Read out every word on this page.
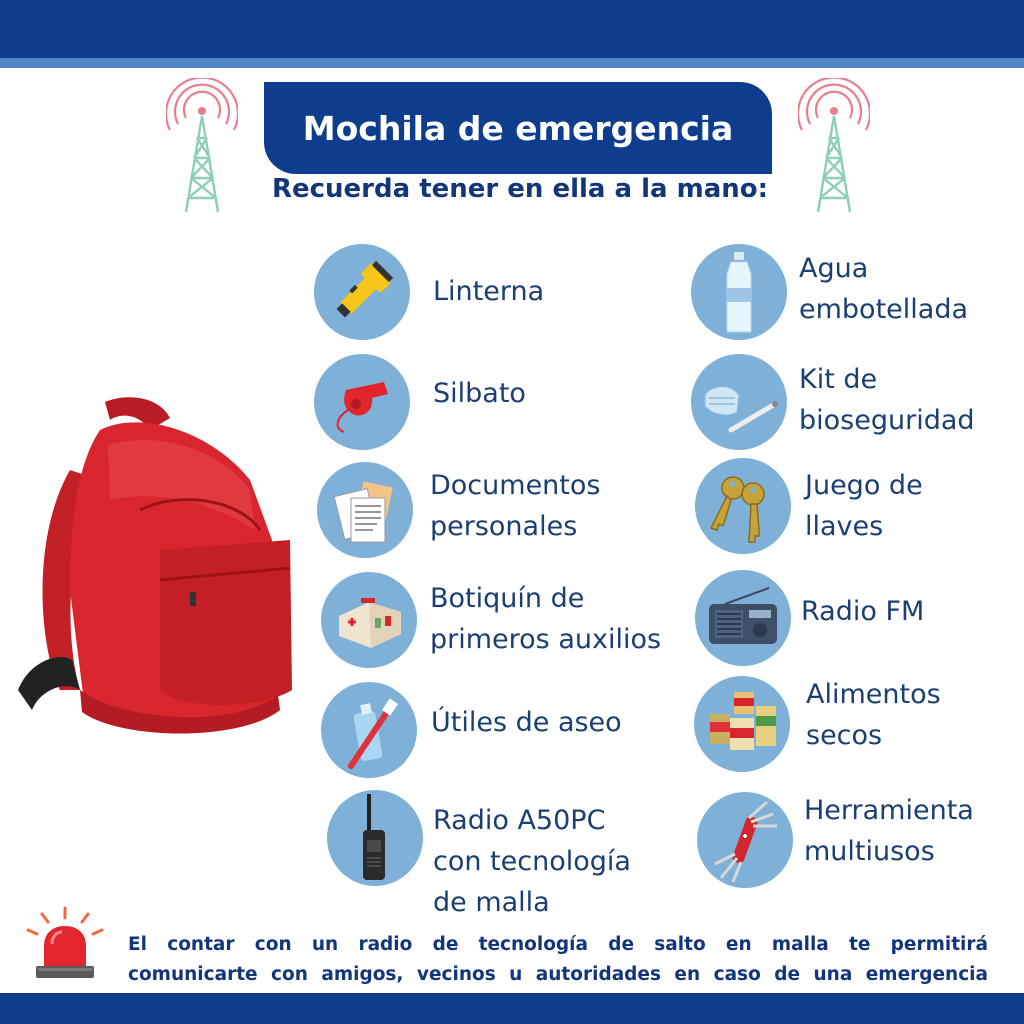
Mochila de emergencia
Recuerda tener en ella a la mano:
Linterna
Silbato
Documentos
personales
Botiquín de
primeros auxilios
Útiles de aseo
Radio A50PC
con tecnología
de malla
Agua
embotellada
Kit de
bioseguridad
Juego de
llaves
Radio FM
Alimentos
secos
Herramienta
multiusos
El contar con un radio de tecnología de salto en malla te permitirá
comunicarte con amigos, vecinos u autoridades en caso de una emergencia
